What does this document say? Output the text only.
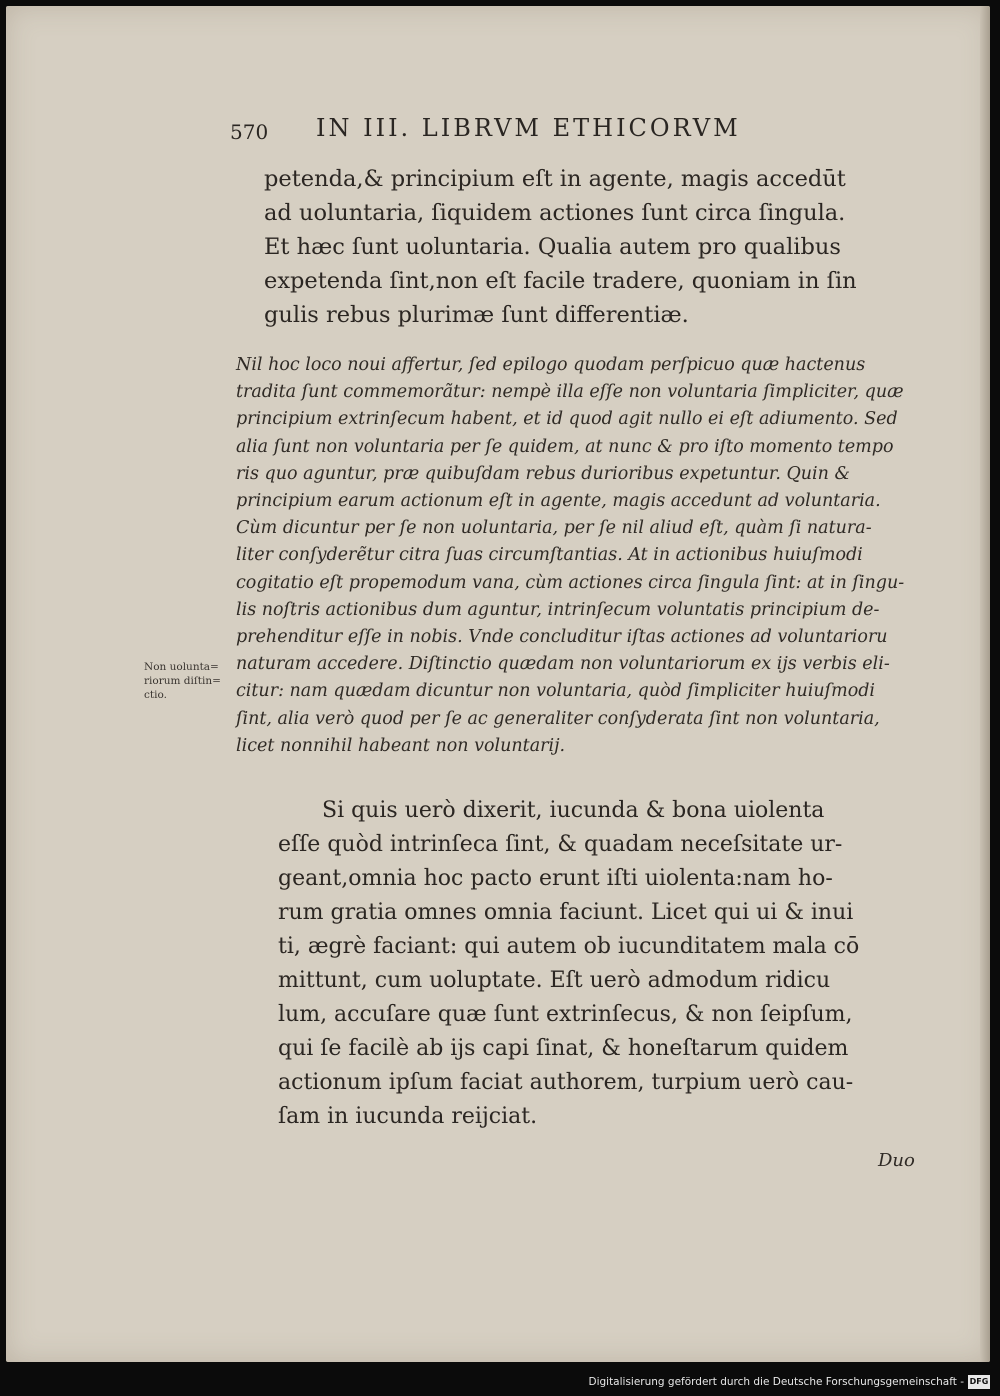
570 IN III. LIBRVM ETHICORVM
petenda,& principium eſt in agente, magis accedūt
ad uoluntaria, ſiquidem actiones ſunt circa ſingula.
Et hæc ſunt uoluntaria. Qualia autem pro qualibus
expetenda ſint,non eſt facile tradere, quoniam in ſin
gulis rebus plurimæ ſunt differentiæ.
Nil hoc loco noui affertur, ſed epilogo quodam perſpicuo quæ hactenus
tradita ſunt commemorãtur: nempè illa eſſe non voluntaria ſimpliciter, quæ
principium extrinſecum habent, et id quod agit nullo ei eſt adiumento. Sed
alia ſunt non voluntaria per ſe quidem, at nunc & pro iſto momento tempo
ris quo aguntur, præ quibuſdam rebus durioribus expetuntur. Quin &
principium earum actionum eſt in agente, magis accedunt ad voluntaria.
Cùm dicuntur per ſe non uoluntaria, per ſe nil aliud eſt, quàm ſi natura-
liter conſyderẽtur citra ſuas circumſtantias. At in actionibus huiuſmodi
cogitatio eſt propemodum vana, cùm actiones circa ſingula ſint: at in ſingu-
lis noſtris actionibus dum aguntur, intrinſecum voluntatis principium de-
prehenditur eſſe in nobis. Vnde concluditur iſtas actiones ad voluntarioru
naturam accedere. Diſtinctio quædam non voluntariorum ex ijs verbis eli-
citur: nam quædam dicuntur non voluntaria, quòd ſimpliciter huiuſmodi
ſint, alia verò quod per ſe ac generaliter conſyderata ſint non voluntaria,
licet nonnihil habeant non voluntarij.
Non uolunta=
riorum diſtin=
ctio.
Si quis uerò dixerit, iucunda & bona uiolenta
eſſe quòd intrinſeca ſint, & quadam neceſsitate ur-
geant,omnia hoc pacto erunt iſti uiolenta:nam ho-
rum gratia omnes omnia faciunt. Licet qui ui & inui
ti, ægrè faciant: qui autem ob iucunditatem mala cō
mittunt, cum uoluptate. Eſt uerò admodum ridicu
lum, accuſare quæ ſunt extrinſecus, & non ſeipſum,
qui ſe facilè ab ijs capi ſinat, & honeſtarum quidem
actionum ipſum faciat authorem, turpium uerò cau-
ſam in iucunda reijciat.
Duo
Digitalisierung gefördert durch die Deutsche Forschungsgemeinschaft - DFG
